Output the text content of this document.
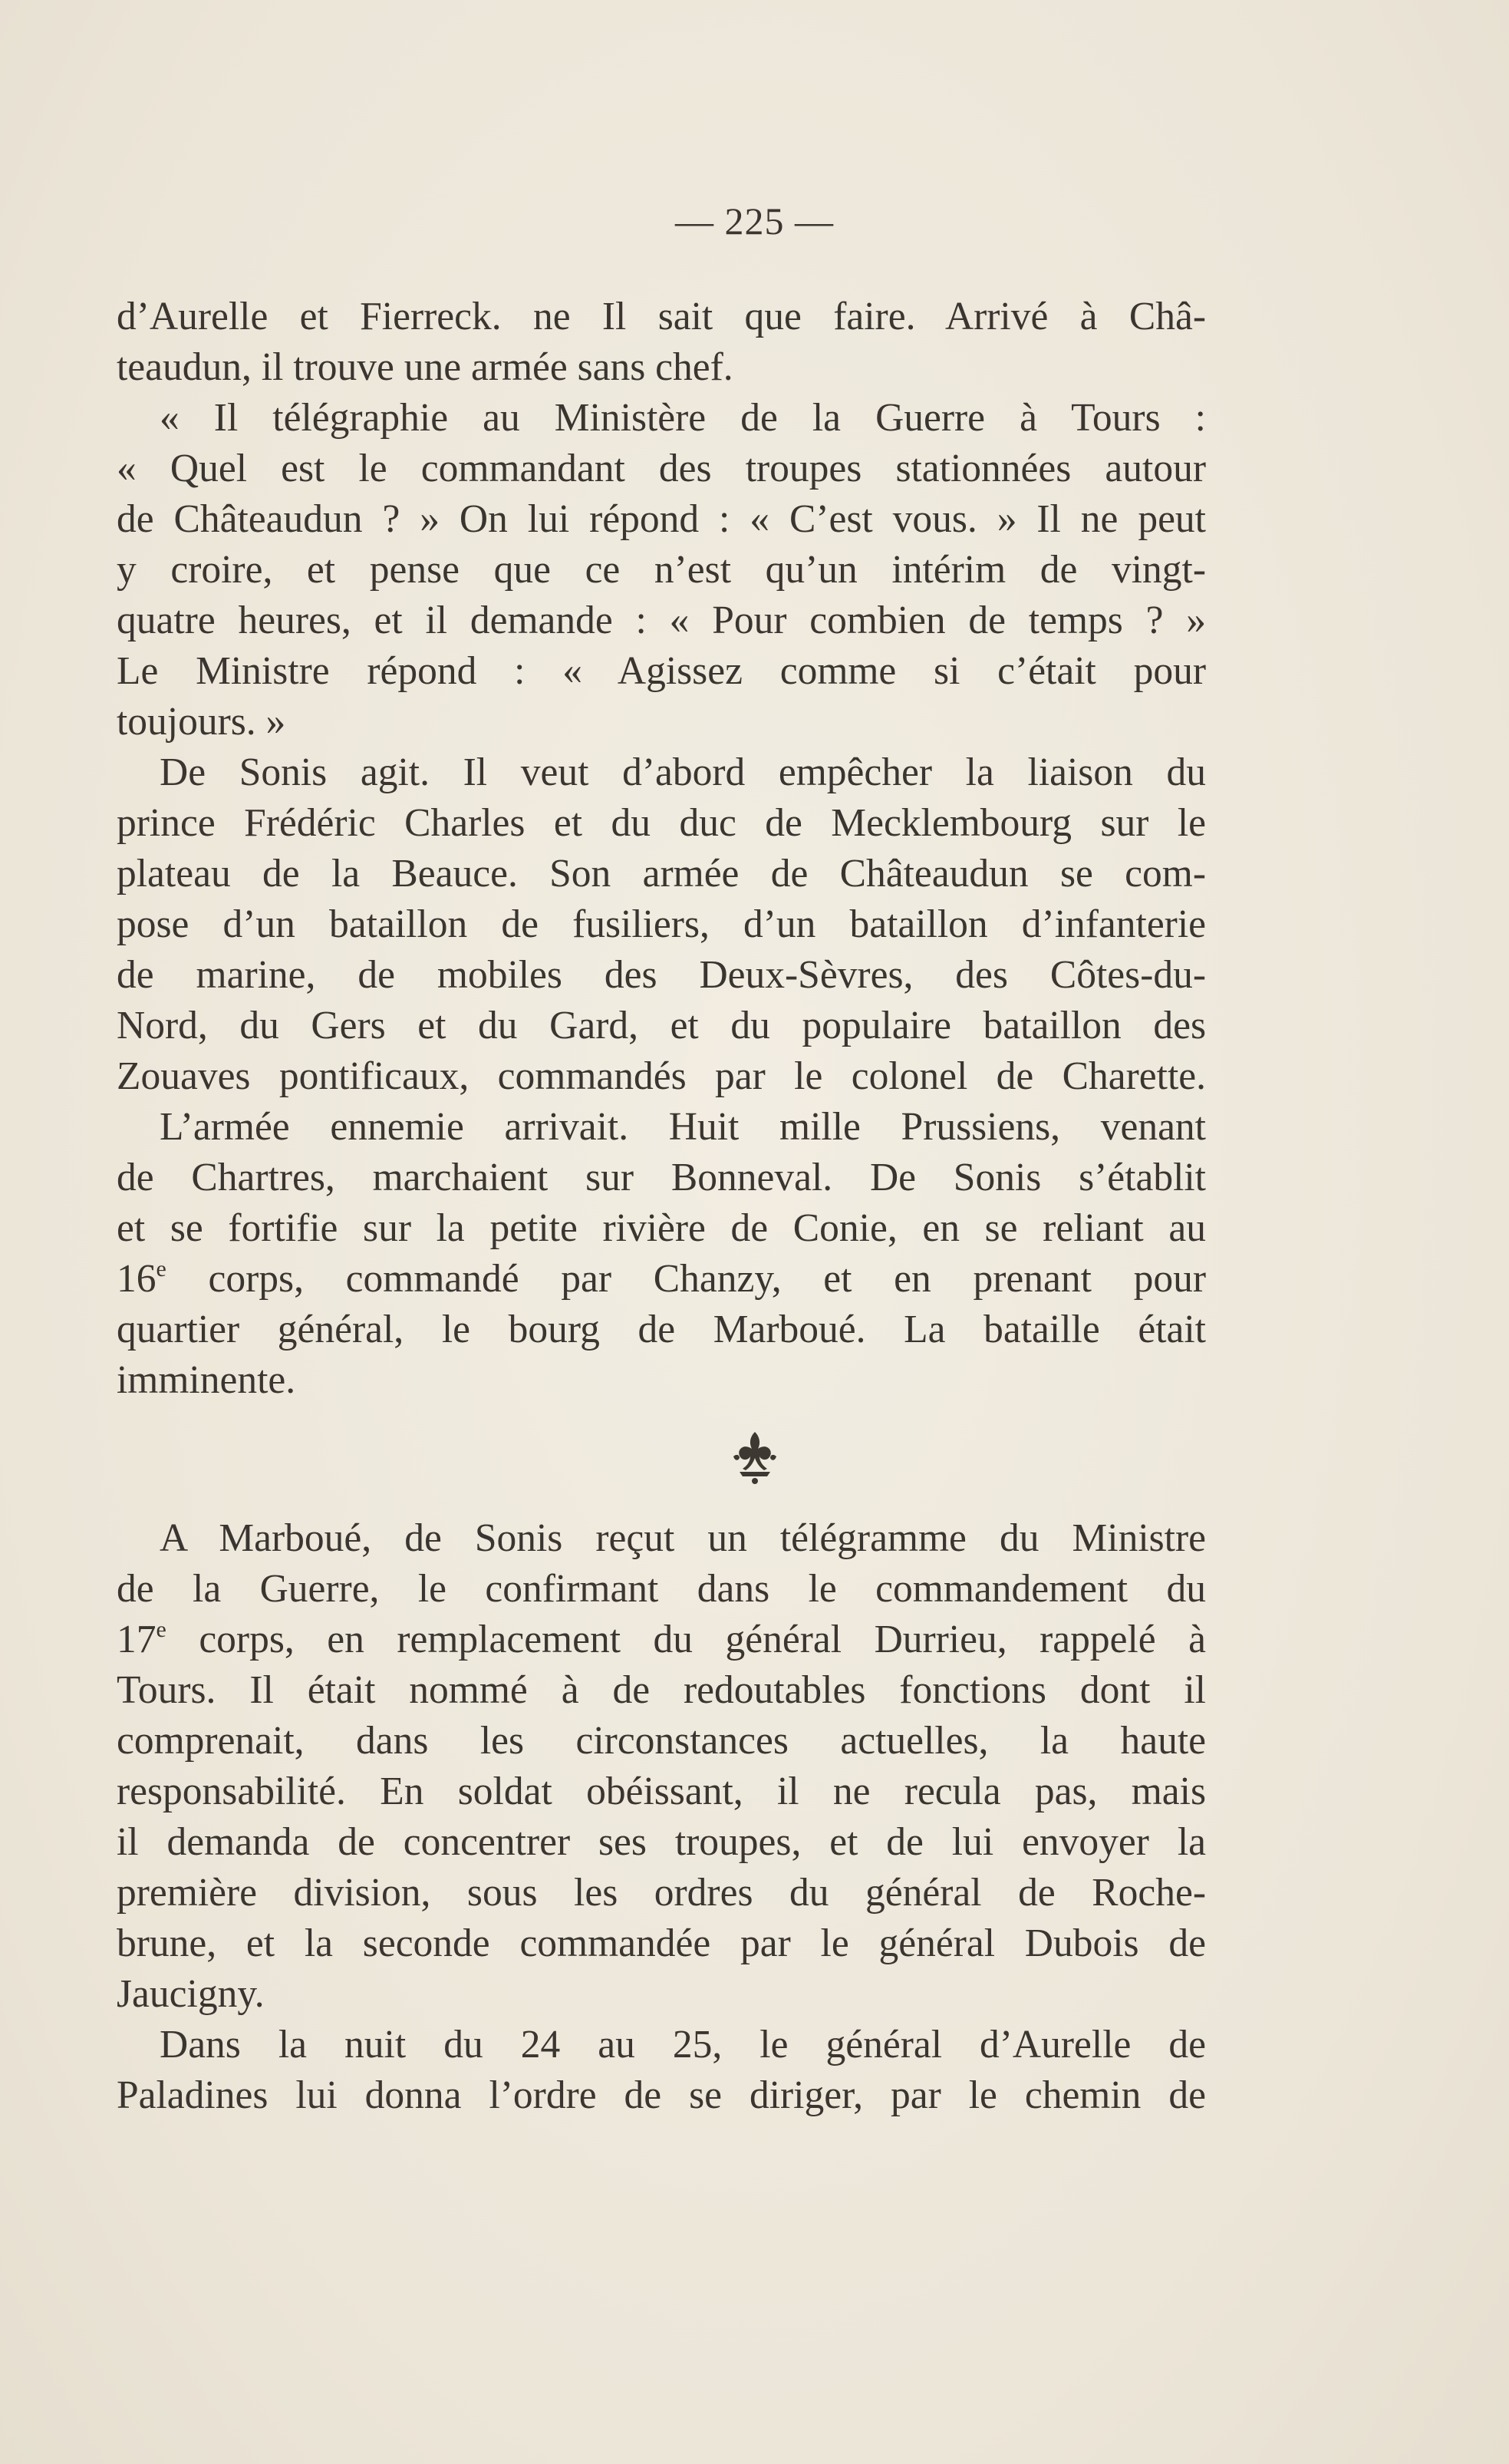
— 225 —
d’Aurelle et Fierreck. ne Il sait que faire. Arrivé à Châ-
teaudun, il trouve une armée sans chef.
« Il télégraphie au Ministère de la Guerre à Tours :
« Quel est le commandant des troupes stationnées autour
de Châteaudun ? » On lui répond : « C’est vous. » Il ne peut
y croire, et pense que ce n’est qu’un intérim de vingt-
quatre heures, et il demande : « Pour combien de temps ? »
Le Ministre répond : « Agissez comme si c’était pour
toujours. »
De Sonis agit. Il veut d’abord empêcher la liaison du
prince Frédéric Charles et du duc de Mecklembourg sur le
plateau de la Beauce. Son armée de Châteaudun se com-
pose d’un bataillon de fusiliers, d’un bataillon d’infanterie
de marine, de mobiles des Deux-Sèvres, des Côtes-du-
Nord, du Gers et du Gard, et du populaire bataillon des
Zouaves pontificaux, commandés par le colonel de Charette.
L’armée ennemie arrivait. Huit mille Prussiens, venant
de Chartres, marchaient sur Bonneval. De Sonis s’établit
et se fortifie sur la petite rivière de Conie, en se reliant au
16e corps, commandé par Chanzy, et en prenant pour
quartier général, le bourg de Marboué. La bataille était
imminente.
A Marboué, de Sonis reçut un télégramme du Ministre
de la Guerre, le confirmant dans le commandement du
17e corps, en remplacement du général Durrieu, rappelé à
Tours. Il était nommé à de redoutables fonctions dont il
comprenait, dans les circonstances actuelles, la haute
responsabilité. En soldat obéissant, il ne recula pas, mais
il demanda de concentrer ses troupes, et de lui envoyer la
première division, sous les ordres du général de Roche-
brune, et la seconde commandée par le général Dubois de
Jaucigny.
Dans la nuit du 24 au 25, le général d’Aurelle de
Paladines lui donna l’ordre de se diriger, par le chemin de
